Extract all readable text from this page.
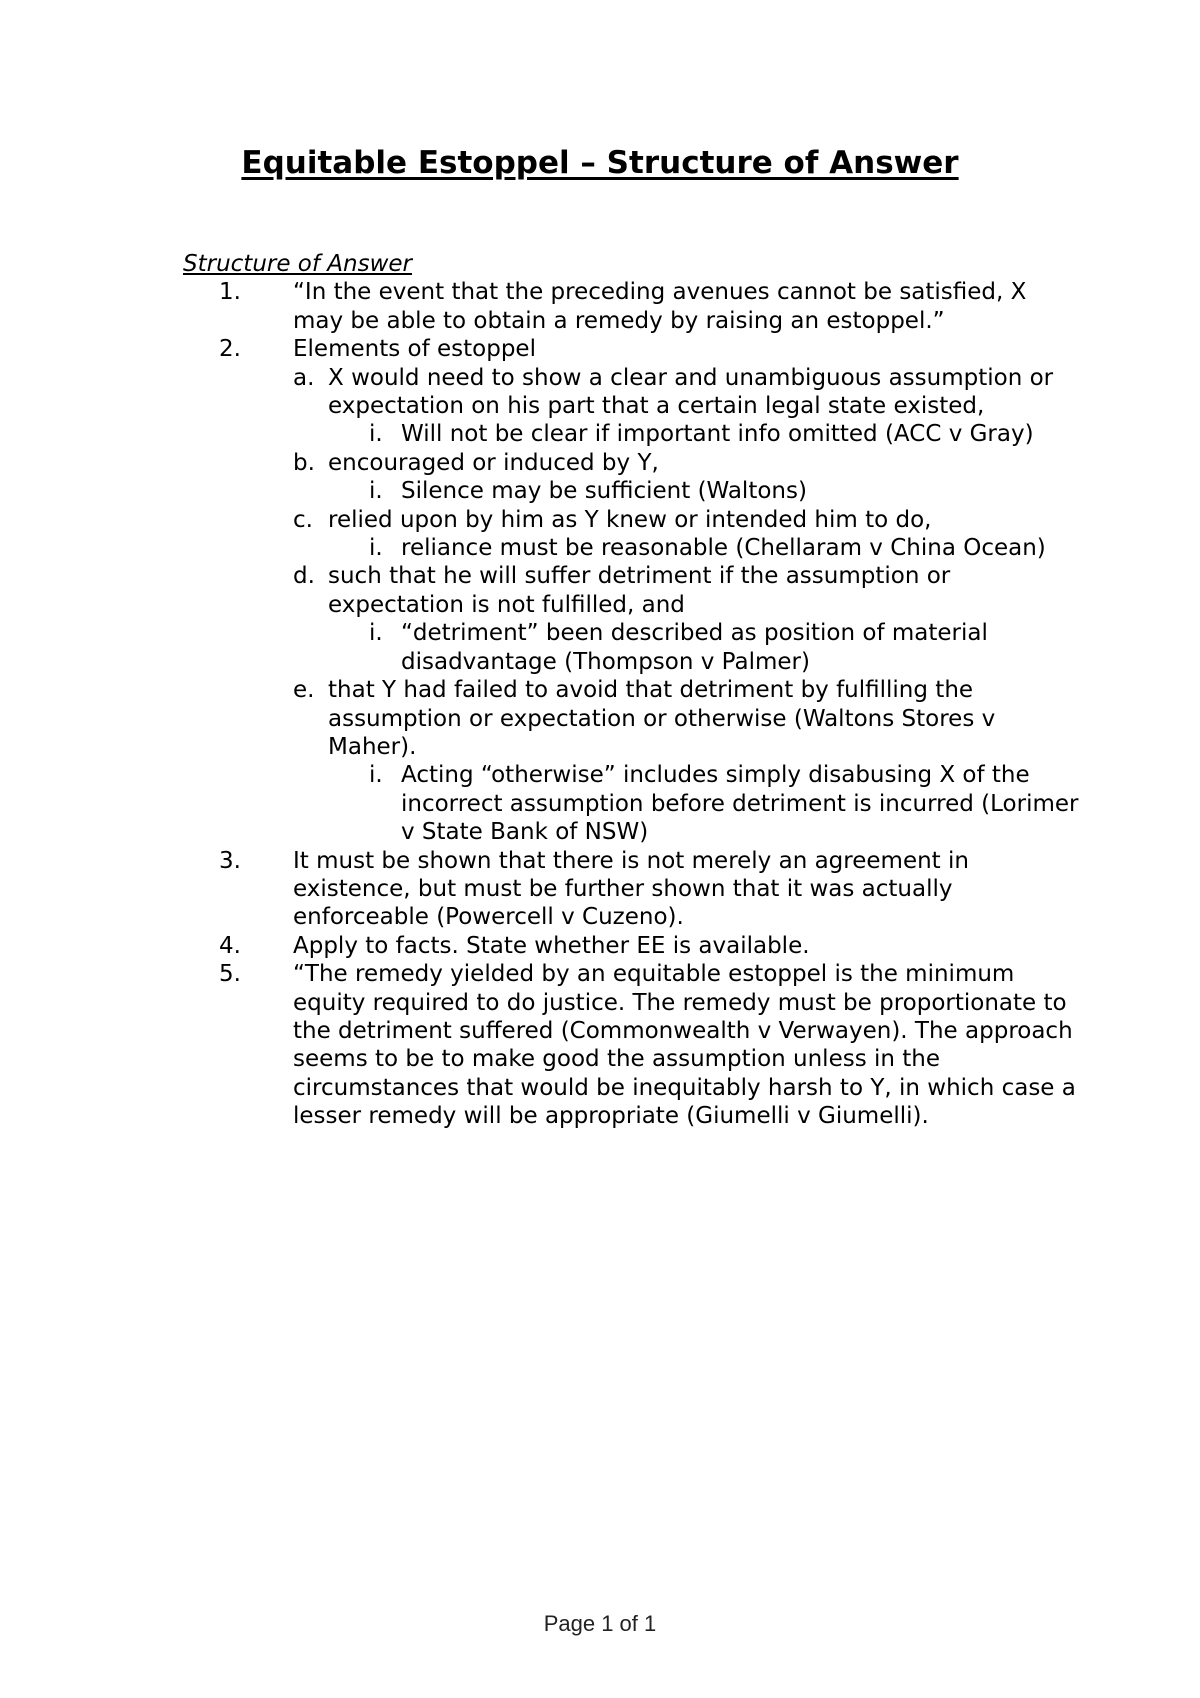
Equitable Estoppel – Structure of Answer
Structure of Answer
1. “In the event that the preceding avenues cannot be satisfied, X may be able to obtain a remedy by raising an estoppel.”
2. Elements of estoppel
a. X would need to show a clear and unambiguous assumption or expectation on his part that a certain legal state existed,
i. Will not be clear if important info omitted (ACC v Gray)
b. encouraged or induced by Y,
i. Silence may be sufficient (Waltons)
c. relied upon by him as Y knew or intended him to do,
i. reliance must be reasonable (Chellaram v China Ocean)
d. such that he will suffer detriment if the assumption or expectation is not fulfilled, and
i. “detriment” been described as position of material disadvantage (Thompson v Palmer)
e. that Y had failed to avoid that detriment by fulfilling the assumption or expectation or otherwise (Waltons Stores v Maher).
i. Acting “otherwise” includes simply disabusing X of the incorrect assumption before detriment is incurred (Lorimer v State Bank of NSW)
3. It must be shown that there is not merely an agreement in existence, but must be further shown that it was actually enforceable (Powercell v Cuzeno).
4. Apply to facts. State whether EE is available.
5. “The remedy yielded by an equitable estoppel is the minimum equity required to do justice. The remedy must be proportionate to the detriment suffered (Commonwealth v Verwayen). The approach seems to be to make good the assumption unless in the circumstances that would be inequitably harsh to Y, in which case a lesser remedy will be appropriate (Giumelli v Giumelli).
Page 1 of 1
